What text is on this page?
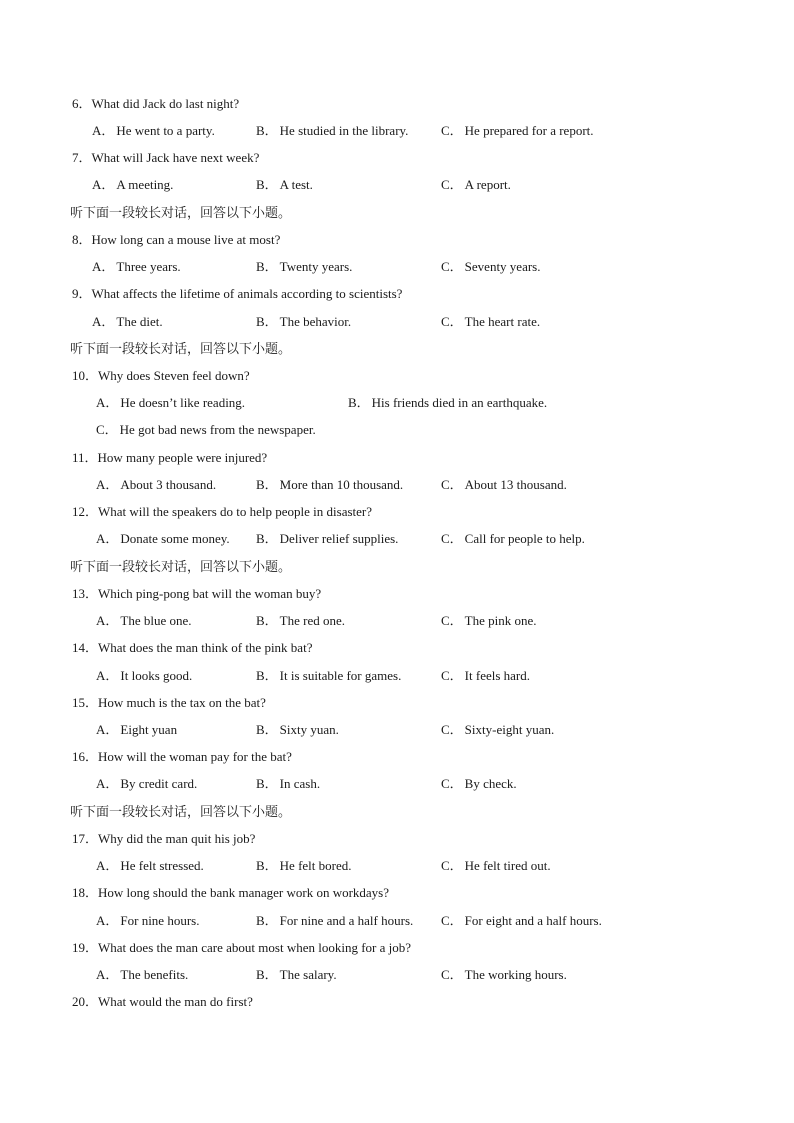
6．What did Jack do last night?
A． He went to a party.	B． He studied in the library.	C． He prepared for a report.
7．What will Jack have next week?
A． A meeting.	B． A test.	C． A report.
听下面一段较长对话，回答以下小题。
8．How long can a mouse live at most?
A． Three years.	B． Twenty years.	C． Seventy years.
9．What affects the lifetime of animals according to scientists?
A． The diet.	B． The behavior.	C． The heart rate.
听下面一段较长对话，回答以下小题。
10．Why does Steven feel down?
A． He doesn’t like reading.	B． His friends died in an earthquake.
C． He got bad news from the newspaper.
11．How many people were injured?
A． About 3 thousand.	B． More than 10 thousand.	C． About 13 thousand.
12．What will the speakers do to help people in disaster?
A． Donate some money. B． Deliver relief supplies.	C． Call for people to help.
听下面一段较长对话，回答以下小题。
13．Which ping-pong bat will the woman buy?
A． The blue one.	B． The red one.	C． The pink one.
14．What does the man think of the pink bat?
A． It looks good.	B． It is suitable for games.	C． It feels hard.
15．How much is the tax on the bat?
A． Eight yuan	B． Sixty yuan.	C． Sixty-eight yuan.
16．How will the woman pay for the bat?
A． By credit card.	B． In cash.	C． By check.
听下面一段较长对话，回答以下小题。
17．Why did the man quit his job?
A． He felt stressed.	B． He felt bored.	C． He felt tired out.
18．How long should the bank manager work on workdays?
A． For nine hours.	B． For nine and a half hours. C． For eight and a half hours.
19．What does the man care about most when looking for a job?
A． The benefits.	B． The salary.	C． The working hours.
20．What would the man do first?
